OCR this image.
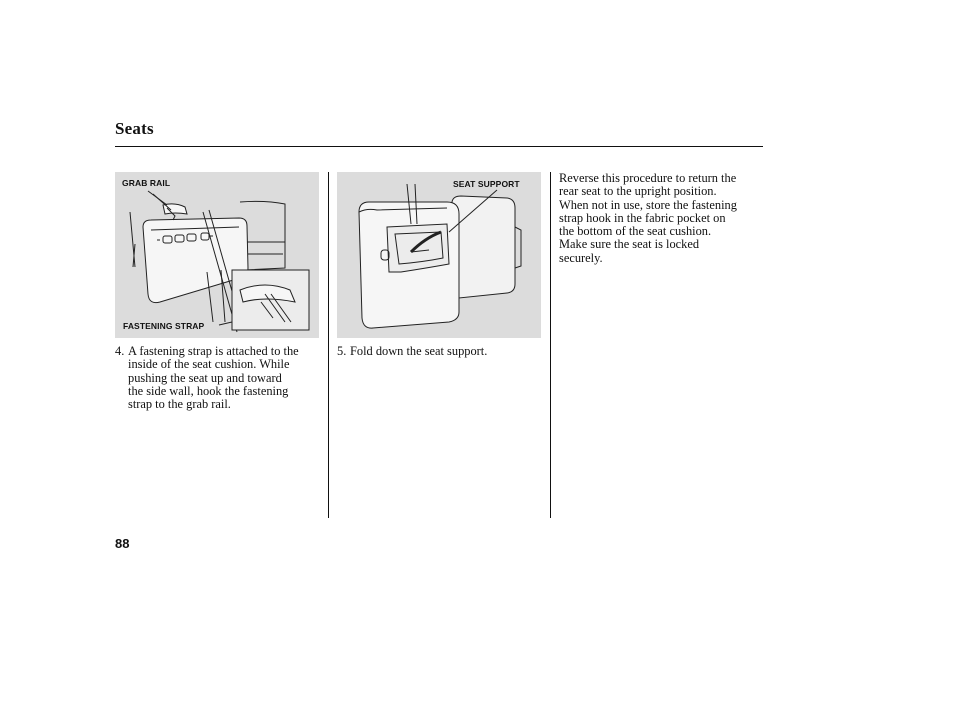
Seats
GRAB RAIL
FASTENING STRAP
SEAT SUPPORT
4. A fastening strap is attached to the
inside of the seat cushion. While
pushing the seat up and toward
the side wall, hook the fastening
strap to the grab rail.
5. Fold down the seat support.
Reverse this procedure to return the
rear seat to the upright position.
When not in use, store the fastening
strap hook in the fabric pocket on
the bottom of the seat cushion.
Make sure the seat is locked
securely.
88
